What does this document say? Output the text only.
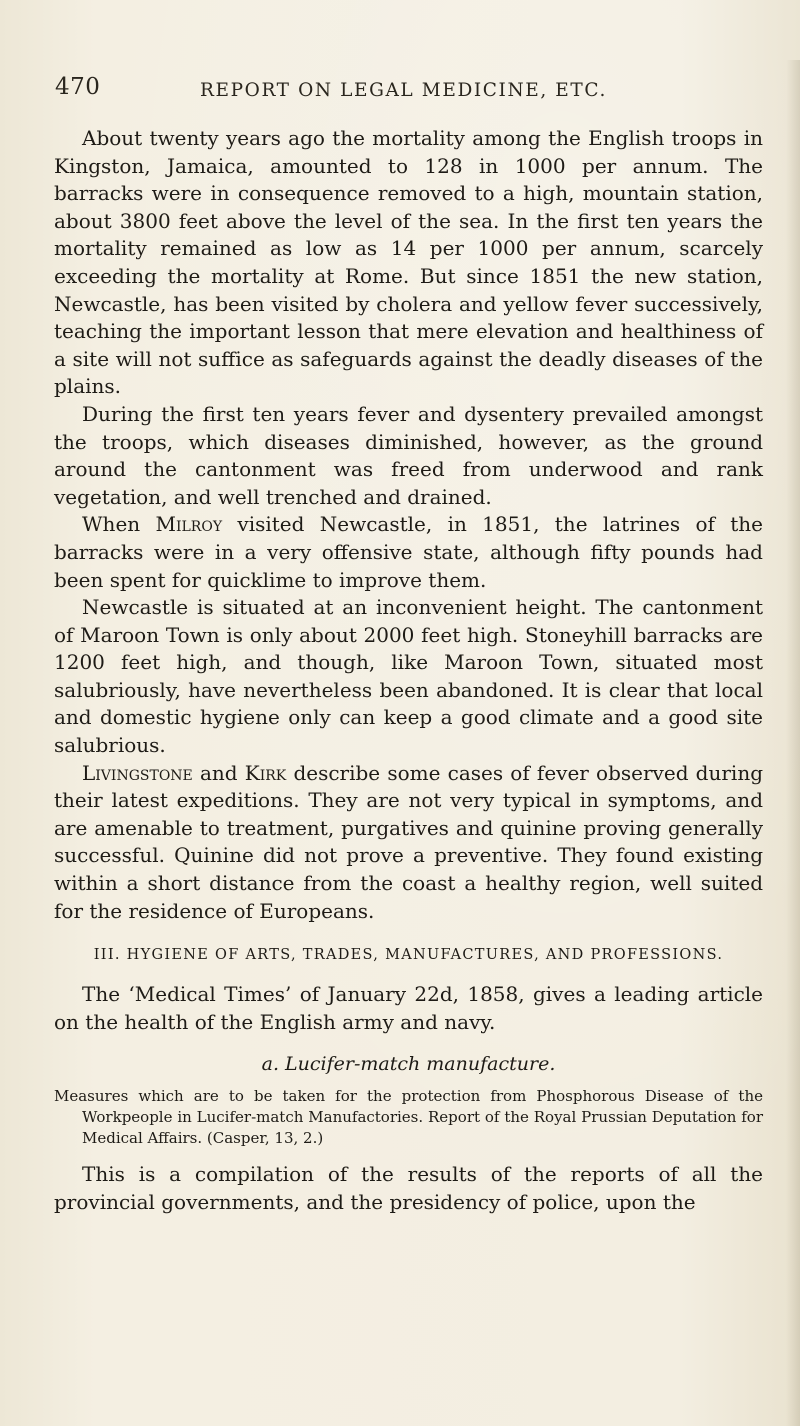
470	REPORT ON LEGAL MEDICINE, ETC.

About twenty years ago the mortality among the English troops in Kingston, Jamaica, amounted to 128 in 1000 per annum. The barracks were in consequence removed to a high, mountain station, about 3800 feet above the level of the sea. In the first ten years the mortality remained as low as 14 per 1000 per annum, scarcely exceeding the mortality at Rome. But since 1851 the new station, Newcastle, has been visited by cholera and yellow fever successively, teaching the important lesson that mere elevation and healthiness of a site will not suffice as safeguards against the deadly diseases of the plains.

During the first ten years fever and dysentery prevailed amongst the troops, which diseases diminished, however, as the ground around the cantonment was freed from underwood and rank vegetation, and well trenched and drained.

When Milroy visited Newcastle, in 1851, the latrines of the barracks were in a very offensive state, although fifty pounds had been spent for quicklime to improve them.

Newcastle is situated at an inconvenient height. The cantonment of Maroon Town is only about 2000 feet high. Stoneyhill barracks are 1200 feet high, and though, like Maroon Town, situated most salubriously, have nevertheless been abandoned. It is clear that local and domestic hygiene only can keep a good climate and a good site salubrious.

Livingstone and Kirk describe some cases of fever observed during their latest expeditions. They are not very typical in symptoms, and are amenable to treatment, purgatives and quinine proving generally successful. Quinine did not prove a preventive. They found existing within a short distance from the coast a healthy region, well suited for the residence of Europeans.

III. HYGIENE OF ARTS, TRADES, MANUFACTURES, AND PROFESSIONS.

The ‘Medical Times’ of January 22d, 1858, gives a leading article on the health of the English army and navy.

a. Lucifer-match manufacture.

Measures which are to be taken for the protection from Phosphorous Disease of the Workpeople in Lucifer-match Manufactories. Report of the Royal Prussian Deputation for Medical Affairs. (Casper, 13, 2.)

This is a compilation of the results of the reports of all the provincial governments, and the presidency of police, upon the
